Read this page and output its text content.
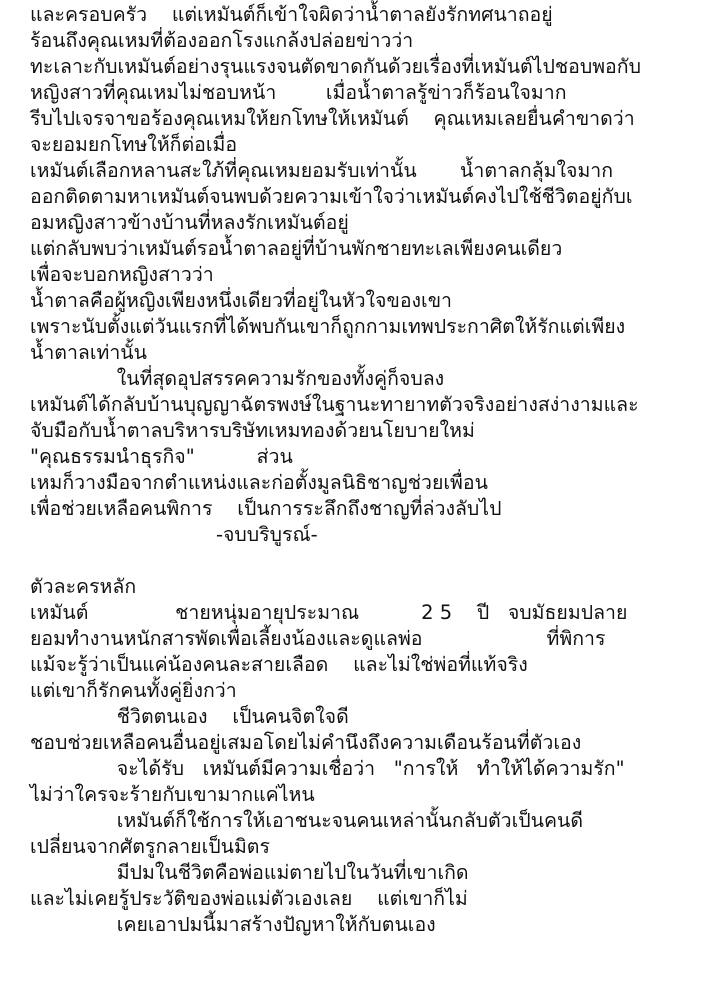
และครอบครัว    แต่เหมันต์ก็เข้าใจผิดว่าน้ำตาลยังรักทศนาถอยู่
ร้อนถึงคุณเหมที่ต้องออกโรงแกล้งปล่อยข่าวว่า
ทะเลาะกับเหมันต์อย่างรุนแรงจนตัดขาดกันด้วยเรื่องที่เหมันต์ไปชอบพอกับ
หญิงสาวที่คุณเหมไม่ชอบหน้า        เมื่อน้ำตาลรู้ข่าวก็ร้อนใจมาก
รีบไปเจรจาขอร้องคุณเหมให้ยกโทษให้เหมันต์    คุณเหมเลยยื่นคำขาดว่า
จะยอมยกโทษให้ก็ต่อเมื่อ
เหมันต์เลือกหลานสะใภ้ที่คุณเหมยอมรับเท่านั้น       น้ำตาลกลุ้มใจมาก
ออกติดตามหาเหมันต์จนพบด้วยความเข้าใจว่าเหมันต์คงไปใช้ชีวิตอยู่กับเ
อมหญิงสาวข้างบ้านที่หลงรักเหมันต์อยู่
แต่กลับพบว่าเหมันต์รอน้ำตาลอยู่ที่บ้านพักชายทะเลเพียงคนเดียว
เพื่อจะบอกหญิงสาวว่า
น้ำตาลคือผู้หญิงเพียงหนึ่งเดียวที่อยู่ในหัวใจของเขา
เพราะนับตั้งแต่วันแรกที่ได้พบกันเขาก็ถูกกามเทพประกาศิตให้รักแต่เพียง
น้ำตาลเท่านั้น
ในที่สุดอุปสรรคความรักของทั้งคู่ก็จบลง
เหมันต์ได้กลับบ้านบุญญาฉัตรพงษ์ในฐานะทายาทตัวจริงอย่างสง่างามและ
จับมือกับน้ำตาลบริหารบริษัทเหมทองด้วยนโยบายใหม่
"คุณธรรมนำธุรกิจ"          ส่วน
เหมก็วางมือจากตำแหน่งและก่อตั้งมูลนิธิชาญช่วยเพื่อน
เพื่อช่วยเหลือคนพิการ    เป็นการระลึกถึงชาญที่ล่วงลับไป
-จบบริบูรณ์-
ตัวละครหลัก
เหมันต์              ชายหนุ่มอายุประมาณ          2 5    ปี   จบมัธยมปลาย
ยอมทำงานหนักสารพัดเพื่อเลี้ยงน้องและดูแลพ่อ                    ที่พิการ
แม้จะรู้ว่าเป็นแค่น้องคนละสายเลือด    และไม่ใช่พ่อที่แท้จริง
แต่เขาก็รักคนทั้งคู่ยิ่งกว่า
ชีวิตตนเอง    เป็นคนจิตใจดี
ชอบช่วยเหลือคนอื่นอยู่เสมอโดยไม่คำนึงถึงความเดือนร้อนที่ตัวเอง
จะได้รับ   เหมันต์มีความเชื่อว่า   "การให้   ทำให้ได้ความรัก"
ไม่ว่าใครจะร้ายกับเขามากแค่ไหน
เหมันต์ก็ใช้การให้เอาชนะจนคนเหล่านั้นกลับตัวเป็นคนดี
เปลี่ยนจากศัตรูกลายเป็นมิตร
มีปมในชีวิตคือพ่อแม่ตายไปในวันที่เขาเกิด
และไม่เคยรู้ประวัติของพ่อแม่ตัวเองเลย    แต่เขาก็ไม่
เคยเอาปมนี้มาสร้างปัญหาให้กับตนเอง
